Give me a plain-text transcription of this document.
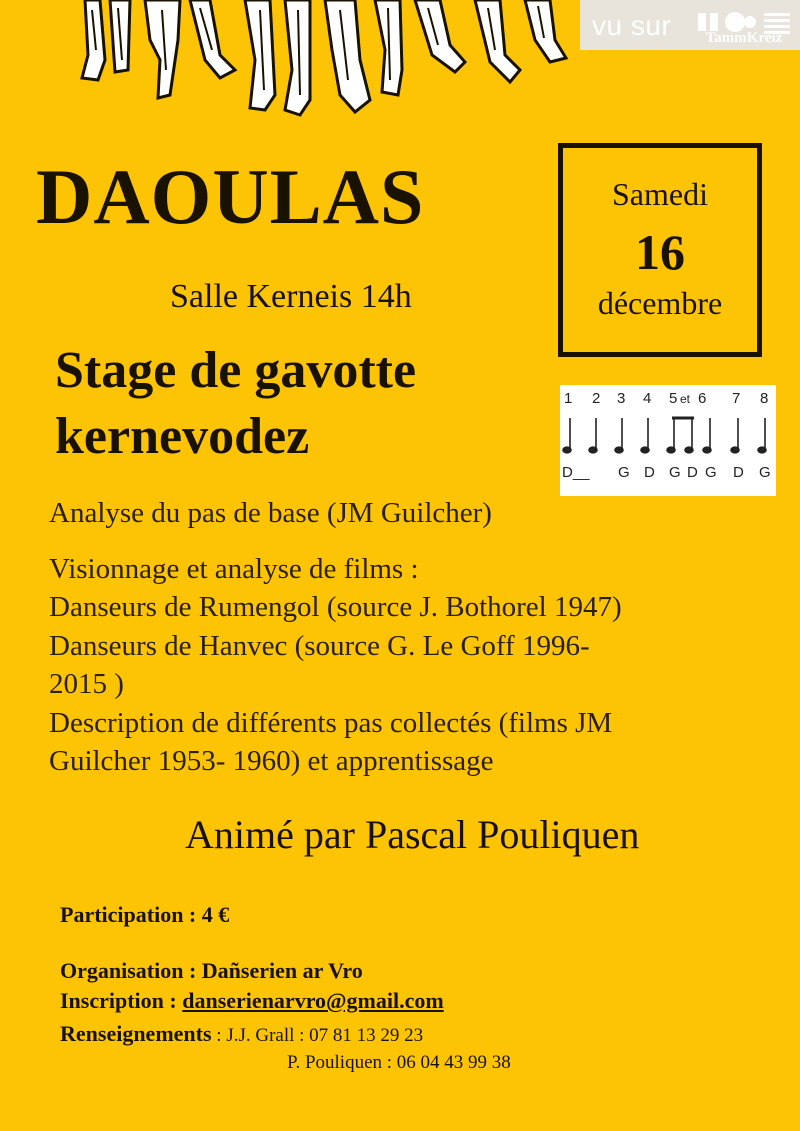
vu sur	TammKreiz
DAOULAS	Samedi
16
décembre
Salle Kerneis 14h
Stage de gavotte
kernevodez
1 2 3 4 5 et 6 7 8
D__ G D G D G D G
Analyse du pas de base (JM Guilcher)
Visionnage et analyse de films :
Danseurs de Rumengol (source J. Bothorel 1947)
Danseurs de Hanvec (source G. Le Goff 1996-
2015 )
Description de différents pas collectés (films JM
Guilcher 1953- 1960) et apprentissage
Animé par Pascal Pouliquen
Participation : 4 €
Organisation : Dañserien ar Vro
Inscription : danserienarvro@gmail.com
Renseignements : J.J. Grall : 07 81 13 29 23
P. Pouliquen : 06 04 43 99 38
